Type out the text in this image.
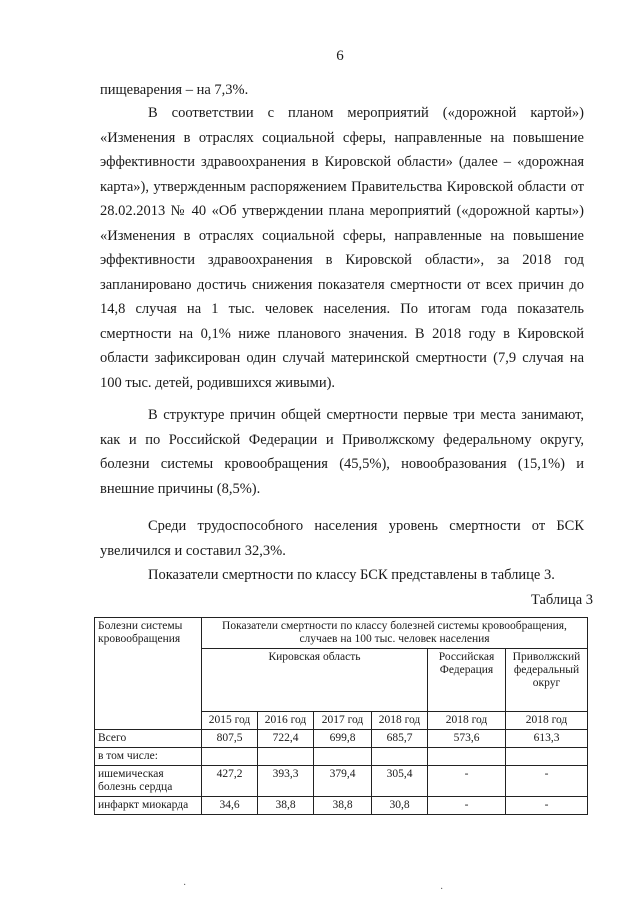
6

пищеварения – на 7,3%.

В соответствии с планом мероприятий («дорожной картой») «Изменения в отраслях социальной сферы, направленные на повышение эффективности здравоохранения в Кировской области» (далее – «дорожная карта»), утвержденным распоряжением Правительства Кировской области от 28.02.2013 № 40 «Об утверждении плана мероприятий («дорожной карты») «Изменения в отраслях социальной сферы, направленные на повышение эффективности здравоохранения в Кировской области», за 2018 год запланировано достичь снижения показателя смертности от всех причин до 14,8 случая на 1 тыс. человек населения. По итогам года показатель смертности на 0,1% ниже планового значения. В 2018 году в Кировской области зафиксирован один случай материнской смертности (7,9 случая на 100 тыс. детей, родившихся живыми).

В структуре причин общей смертности первые три места занимают, как и по Российской Федерации и Приволжскому федеральному округу, болезни системы кровообращения (45,5%), новообразования (15,1%) и внешние причины (8,5%).

Среди трудоспособного населения уровень смертности от БСК увеличился и составил 32,3%.

Показатели смертности по классу БСК представлены в таблице 3.

Таблица 3
Болезни системы кровообращения	Показатели смертности по классу болезней системы кровообращения, случаев на 100 тыс. человек населения					
	Кировская область				Российская Федерация	Приволжский федеральный округ
	2015 год	2016 год	2017 год	2018 год	2018 год	2018 год
Всего	807,5	722,4	699,8	685,7	573,6	613,3
в том числе:						
ишемическая болезнь сердца	427,2	393,3	379,4	305,4	-	-
инфаркт миокарда	34,6	38,8	38,8	30,8	-	-
·	·
